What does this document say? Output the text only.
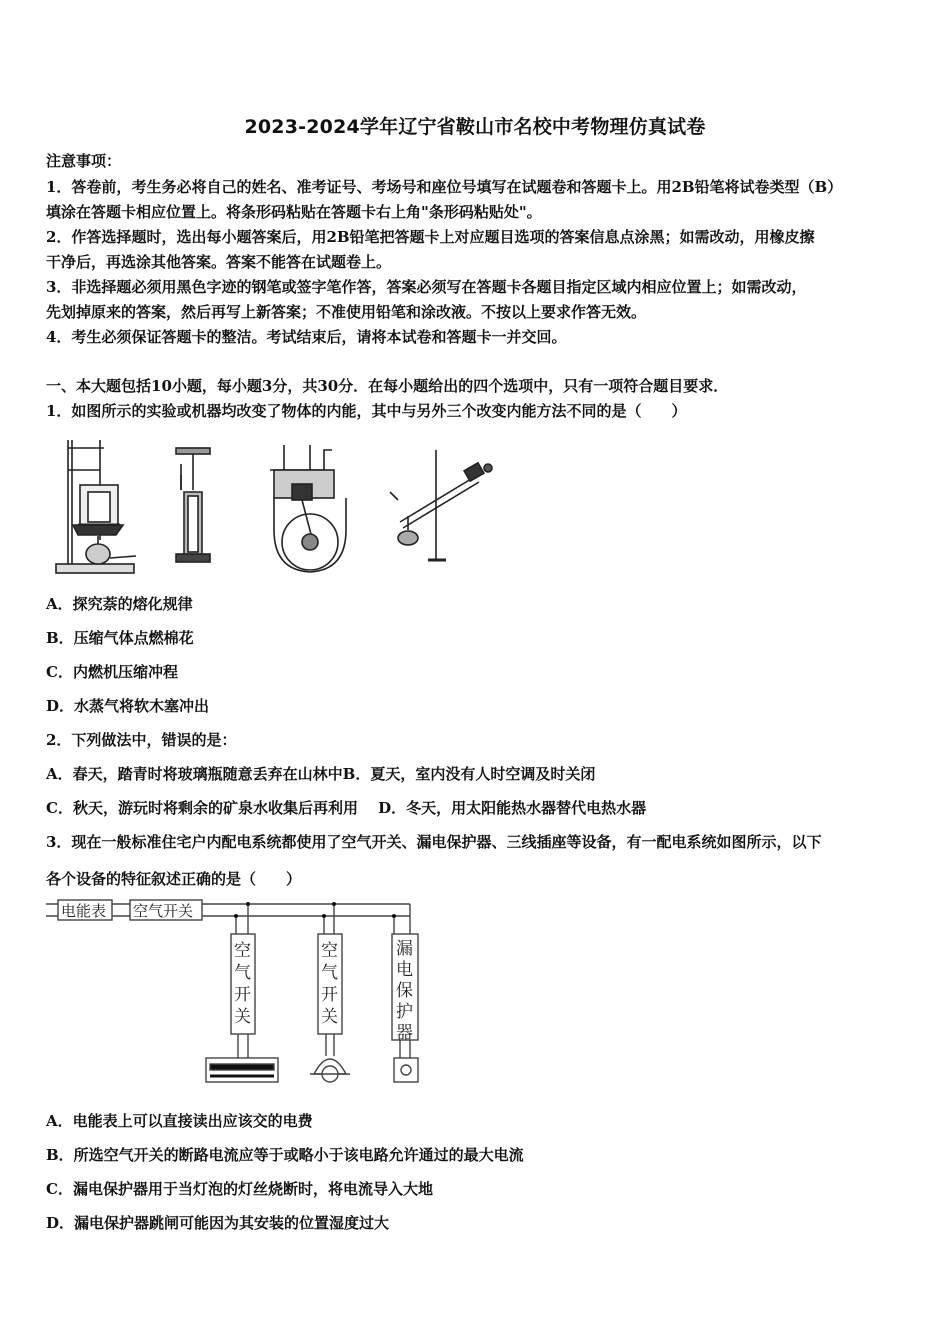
2023-2024学年辽宁省鞍山市名校中考物理仿真试卷
注意事项：
1．答卷前，考生务必将自己的姓名、准考证号、考场号和座位号填写在试题卷和答题卡上。用2B铅笔将试卷类型（B）
填涂在答题卡相应位置上。将条形码粘贴在答题卡右上角"条形码粘贴处"。
2．作答选择题时，选出每小题答案后，用2B铅笔把答题卡上对应题目选项的答案信息点涂黑；如需改动，用橡皮擦
干净后，再选涂其他答案。答案不能答在试题卷上。
3．非选择题必须用黑色字迹的钢笔或签字笔作答，答案必须写在答题卡各题目指定区域内相应位置上；如需改动，
先划掉原来的答案，然后再写上新答案；不准使用铅笔和涂改液。不按以上要求作答无效。
4．考生必须保证答题卡的整洁。考试结束后，请将本试卷和答题卡一并交回。
一、本大题包括10小题，每小题3分，共30分．在每小题给出的四个选项中，只有一项符合题目要求．
1．如图所示的实验或机器均改变了物体的内能，其中与另外三个改变内能方法不同的是（　　）
A．探究萘的熔化规律
B．压缩气体点燃棉花
C．内燃机压缩冲程
D．水蒸气将软木塞冲出
2．下列做法中，错误的是：
A．春天，踏青时将玻璃瓶随意丢弃在山林中B．夏天，室内没有人时空调及时关闭
C．秋天，游玩时将剩余的矿泉水收集后再利用　 D．冬天，用太阳能热水器替代电热水器
3．现在一般标准住宅户内配电系统都使用了空气开关、漏电保护器、三线插座等设备，有一配电系统如图所示，以下
各个设备的特征叙述正确的是（　　）
电能表 空气开关
空
气
开
关
空
气
开
关
漏
电
保
护
器
A．电能表上可以直接读出应该交的电费
B．所选空气开关的断路电流应等于或略小于该电路允许通过的最大电流
C．漏电保护器用于当灯泡的灯丝烧断时，将电流导入大地
D．漏电保护器跳闸可能因为其安装的位置湿度过大
